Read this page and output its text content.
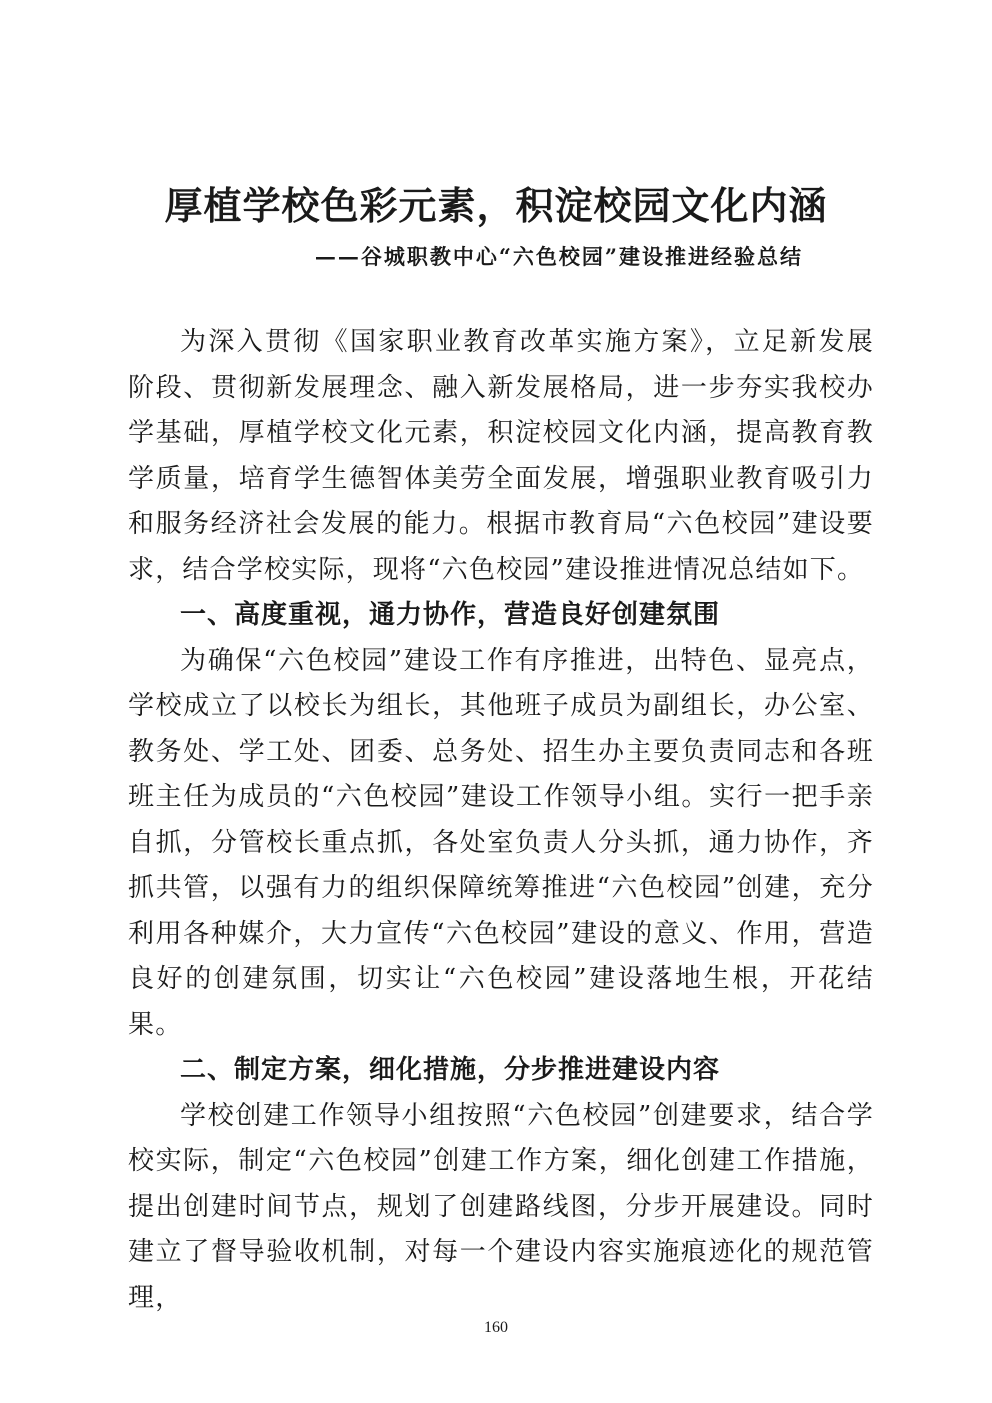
厚植学校色彩元素，积淀校园文化内涵
——谷城职教中心“六色校园”建设推进经验总结

为深入贯彻《国家职业教育改革实施方案》，立足新发展阶段、贯彻新发展理念、融入新发展格局，进一步夯实我校办学基础，厚植学校文化元素，积淀校园文化内涵，提高教育教学质量，培育学生德智体美劳全面发展，增强职业教育吸引力和服务经济社会发展的能力。根据市教育局“六色校园”建设要求，结合学校实际，现将“六色校园”建设推进情况总结如下。

一、高度重视，通力协作，营造良好创建氛围

为确保“六色校园”建设工作有序推进，出特色、显亮点，学校成立了以校长为组长，其他班子成员为副组长，办公室、教务处、学工处、团委、总务处、招生办主要负责同志和各班班主任为成员的“六色校园”建设工作领导小组。实行一把手亲自抓，分管校长重点抓，各处室负责人分头抓，通力协作，齐抓共管，以强有力的组织保障统筹推进“六色校园”创建，充分利用各种媒介，大力宣传“六色校园”建设的意义、作用，营造良好的创建氛围，切实让“六色校园”建设落地生根，开花结果。

二、制定方案，细化措施，分步推进建设内容

学校创建工作领导小组按照“六色校园”创建要求，结合学校实际，制定“六色校园”创建工作方案，细化创建工作措施，提出创建时间节点，规划了创建路线图，分步开展建设。同时建立了督导验收机制，对每一个建设内容实施痕迹化的规范管理，

160
